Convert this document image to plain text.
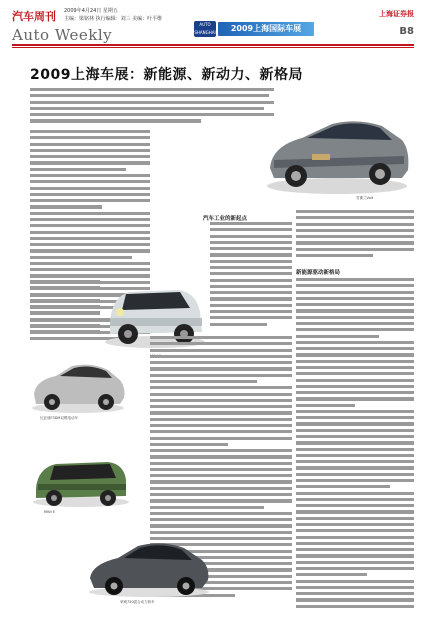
汽车周刊 2009年4月24日 星期五
主编：梁铭林 执行编辑：刘三 美编：叶平维
Auto Weekly
AUTO SHANGHAI	2009上海国际车展
上海证券报
B8
2009上海车展：新能源、新动力、新格局
雪佛兰Volt
汽车工业的新起点
新能源驱动新格局
比亚迪F3DM双模电动车
MINI E
荣威750混合动力轿车
